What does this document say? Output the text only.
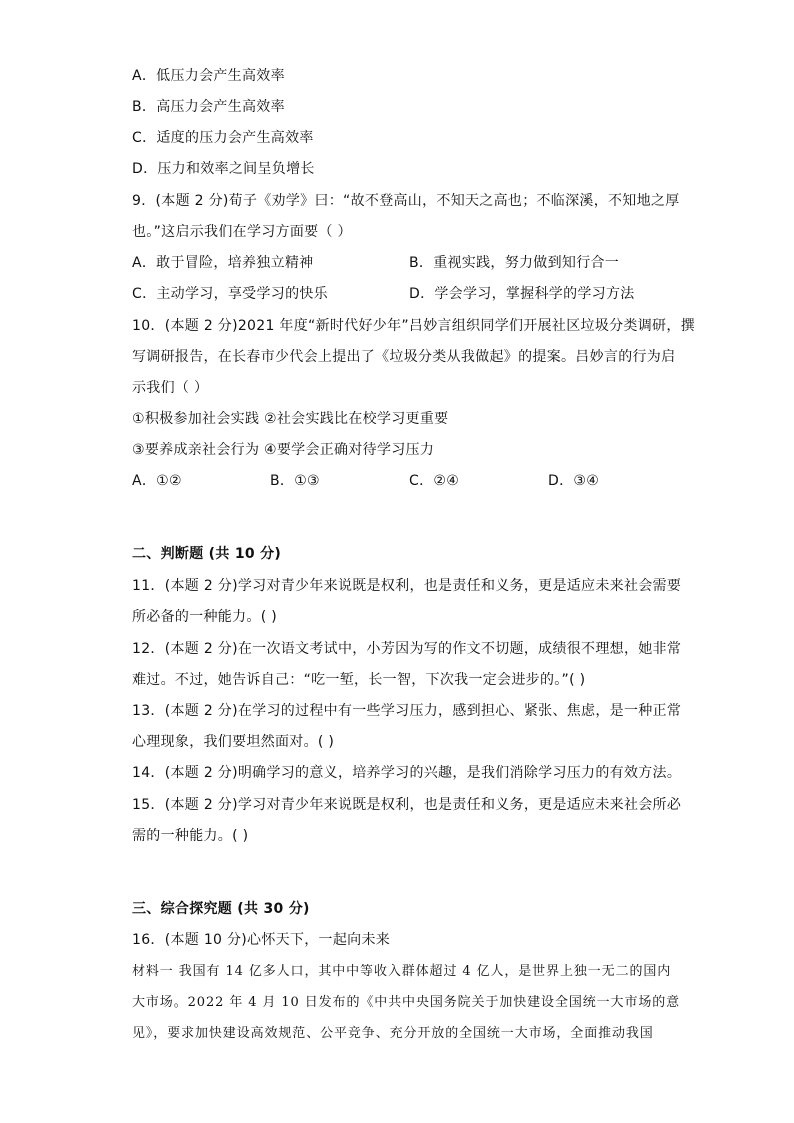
A．低压力会产生高效率
B．高压力会产生高效率
C．适度的压力会产生高效率
D．压力和效率之间呈负增长
9．(本题 2 分)荀子《劝学》曰：“故不登高山，不知天之高也；不临深溪，不知地之厚
也。”这启示我们在学习方面要（ ）
A．敢于冒险，培养独立精神	B．重视实践，努力做到知行合一
C．主动学习，享受学习的快乐	D．学会学习，掌握科学的学习方法
10．(本题 2 分)2021 年度“新时代好少年”吕妙言组织同学们开展社区垃圾分类调研，撰
写调研报告，在长春市少代会上提出了《垃圾分类从我做起》的提案。吕妙言的行为启
示我们（ ）
①积极参加社会实践 ②社会实践比在校学习更重要
③要养成亲社会行为 ④要学会正确对待学习压力
A．①②	B．①③	C．②④	D．③④
二、判断题 (共 10 分)
11．(本题 2 分)学习对青少年来说既是权利，也是责任和义务，更是适应未来社会需要
所必备的一种能力。( )
12．(本题 2 分)在一次语文考试中，小芳因为写的作文不切题，成绩很不理想，她非常
难过。不过，她告诉自己：“吃一堑，长一智，下次我一定会进步的。”( )
13．(本题 2 分)在学习的过程中有一些学习压力，感到担心、紧张、焦虑，是一种正常
心理现象，我们要坦然面对。( )
14．(本题 2 分)明确学习的意义，培养学习的兴趣，是我们消除学习压力的有效方法。
15．(本题 2 分)学习对青少年来说既是权利，也是责任和义务，更是适应未来社会所必
需的一种能力。( )
三、综合探究题 (共 30 分)
16．(本题 10 分)心怀天下，一起向未来
材料一 我国有 14 亿多人口，其中中等收入群体超过 4 亿人，是世界上独一无二的国内
大市场。2022 年 4 月 10 日发布的《中共中央国务院关于加快建设全国统一大市场的意
见》，要求加快建设高效规范、公平竞争、充分开放的全国统一大市场，全面推动我国
